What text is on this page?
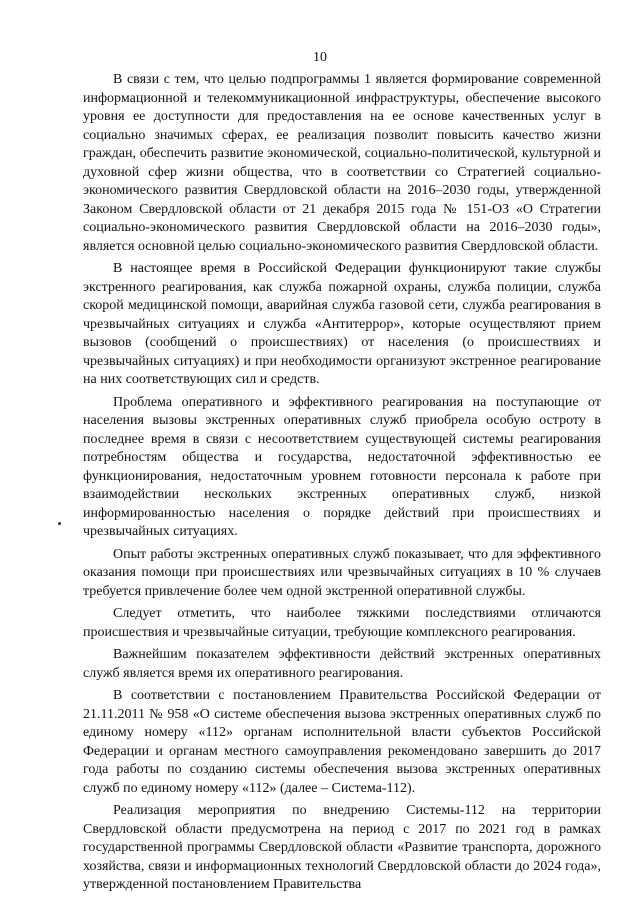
10

В связи с тем, что целью подпрограммы 1 является формирование современной информационной и телекоммуникационной инфраструктуры, обеспечение высокого уровня ее доступности для предоставления на ее основе качественных услуг в социально значимых сферах, ее реализация позволит повысить качество жизни граждан, обеспечить развитие экономической, социально-политической, культурной и духовной сфер жизни общества, что в соответствии со Стратегией социально-экономического развития Свердловской области на 2016–2030 годы, утвержденной Законом Свердловской области от 21 декабря 2015 года № 151-ОЗ «О Стратегии социально-экономического развития Свердловской области на 2016–2030 годы», является основной целью социально-экономического развития Свердловской области.

В настоящее время в Российской Федерации функционируют такие службы экстренного реагирования, как служба пожарной охраны, служба полиции, служба скорой медицинской помощи, аварийная служба газовой сети, служба реагирования в чрезвычайных ситуациях и служба «Антитеррор», которые осуществляют прием вызовов (сообщений о происшествиях) от населения (о происшествиях и чрезвычайных ситуациях) и при необходимости организуют экстренное реагирование на них соответствующих сил и средств.

Проблема оперативного и эффективного реагирования на поступающие от населения вызовы экстренных оперативных служб приобрела особую остроту в последнее время в связи с несоответствием существующей системы реагирования потребностям общества и государства, недостаточной эффективностью ее функционирования, недостаточным уровнем готовности персонала к работе при взаимодействии нескольких экстренных оперативных служб, низкой информированностью населения о порядке действий при происшествиях и чрезвычайных ситуациях.

Опыт работы экстренных оперативных служб показывает, что для эффективного оказания помощи при происшествиях или чрезвычайных ситуациях в 10 % случаев требуется привлечение более чем одной экстренной оперативной службы.

Следует отметить, что наиболее тяжкими последствиями отличаются происшествия и чрезвычайные ситуации, требующие комплексного реагирования.

Важнейшим показателем эффективности действий экстренных оперативных служб является время их оперативного реагирования.

В соответствии с постановлением Правительства Российской Федерации от 21.11.2011 № 958 «О системе обеспечения вызова экстренных оперативных служб по единому номеру «112» органам исполнительной власти субъектов Российской Федерации и органам местного самоуправления рекомендовано завершить до 2017 года работы по созданию системы обеспечения вызова экстренных оперативных служб по единому номеру «112» (далее – Система-112).

Реализация мероприятия по внедрению Системы-112 на территории Свердловской области предусмотрена на период с 2017 по 2021 год в рамках государственной программы Свердловской области «Развитие транспорта, дорожного хозяйства, связи и информационных технологий Свердловской области до 2024 года», утвержденной постановлением Правительства
